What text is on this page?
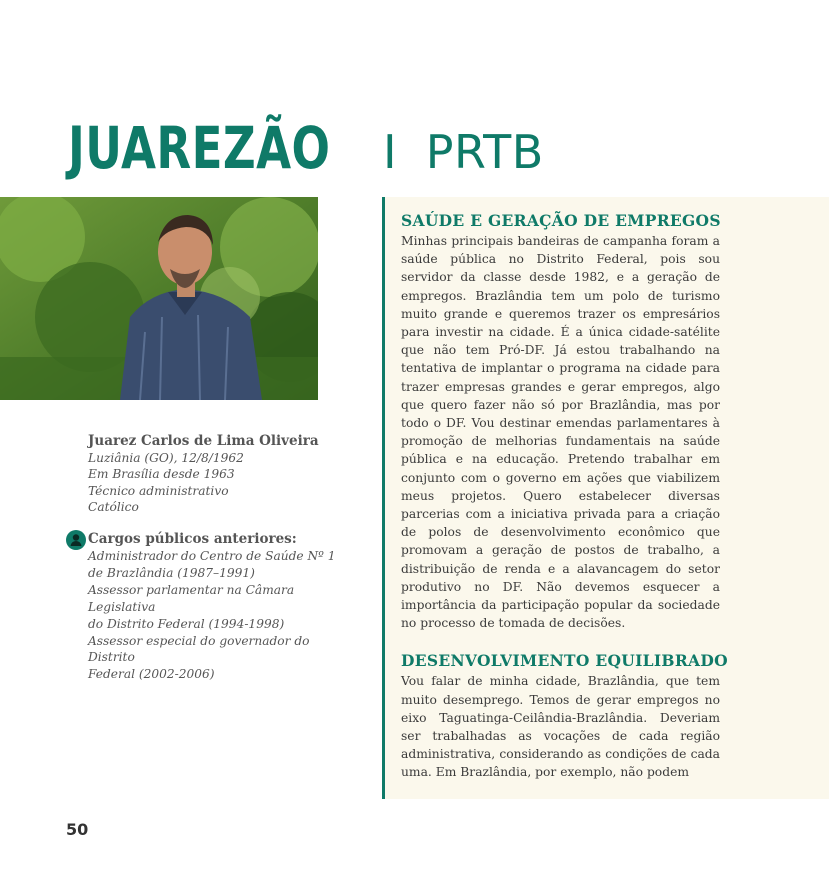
JUAREZÃO I PRTB
Juarez Carlos de Lima Oliveira
Luziânia (GO), 12/8/1962
Em Brasília desde 1963
Técnico administrativo
Católico
Cargos públicos anteriores:
Administrador do Centro de Saúde Nº 1
de Brazlândia (1987–1991)
Assessor parlamentar na Câmara Legislativa
do Distrito Federal (1994-1998)
Assessor especial do governador do Distrito
Federal (2002-2006)
SAÚDE E GERAÇÃO DE EMPREGOS

Minhas principais bandeiras de campanha foram a saúde pública no Distrito Federal, pois sou servidor da classe desde 1982, e a geração de empregos. Brazlândia tem um polo de turismo muito grande e queremos trazer os empresários para investir na cidade. É a única cidade-satélite que não tem Pró-DF. Já estou trabalhando na tentativa de implantar o programa na cidade para trazer empresas grandes e gerar empregos, algo que quero fazer não só por Brazlândia, mas por todo o DF. Vou destinar emendas parlamentares à promoção de melhorias fundamentais na saúde pública e na educação. Pretendo trabalhar em conjunto com o governo em ações que viabilizem meus projetos. Quero estabelecer diversas parcerias com a iniciativa privada para a criação de polos de desenvolvimento econômico que promovam a geração de postos de trabalho, a distribuição de renda e a alavancagem do setor produtivo no DF. Não devemos esquecer a importância da participação popular da sociedade no processo de tomada de decisões.

DESENVOLVIMENTO EQUILIBRADO

Vou falar de minha cidade, Brazlândia, que tem muito desemprego. Temos de gerar empregos no eixo Taguatinga-Ceilândia-Brazlândia. Deveriam ser trabalhadas as vocações de cada região administrativa, considerando as condições de cada uma. Em Brazlândia, por exemplo, não podem

50
